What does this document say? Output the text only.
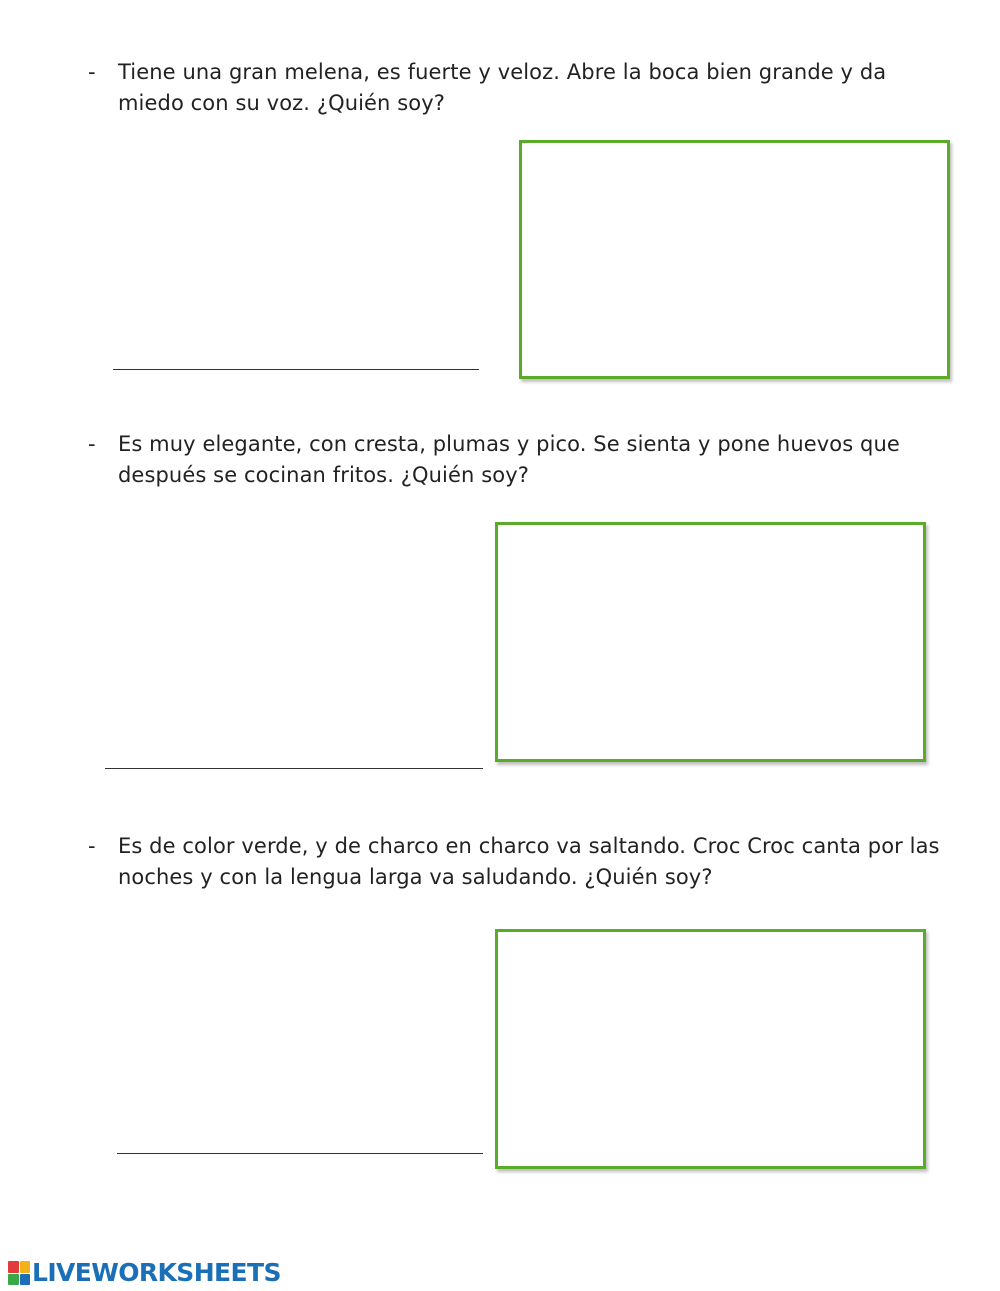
- Tiene una gran melena, es fuerte y veloz. Abre la boca bien grande y da miedo con su voz. ¿Quién soy?
- Es muy elegante, con cresta, plumas y pico. Se sienta y pone huevos que después se cocinan fritos. ¿Quién soy?
- Es de color verde, y de charco en charco va saltando. Croc Croc canta por las noches y con la lengua larga va saludando. ¿Quién soy?
LIVEWORKSHEETS
